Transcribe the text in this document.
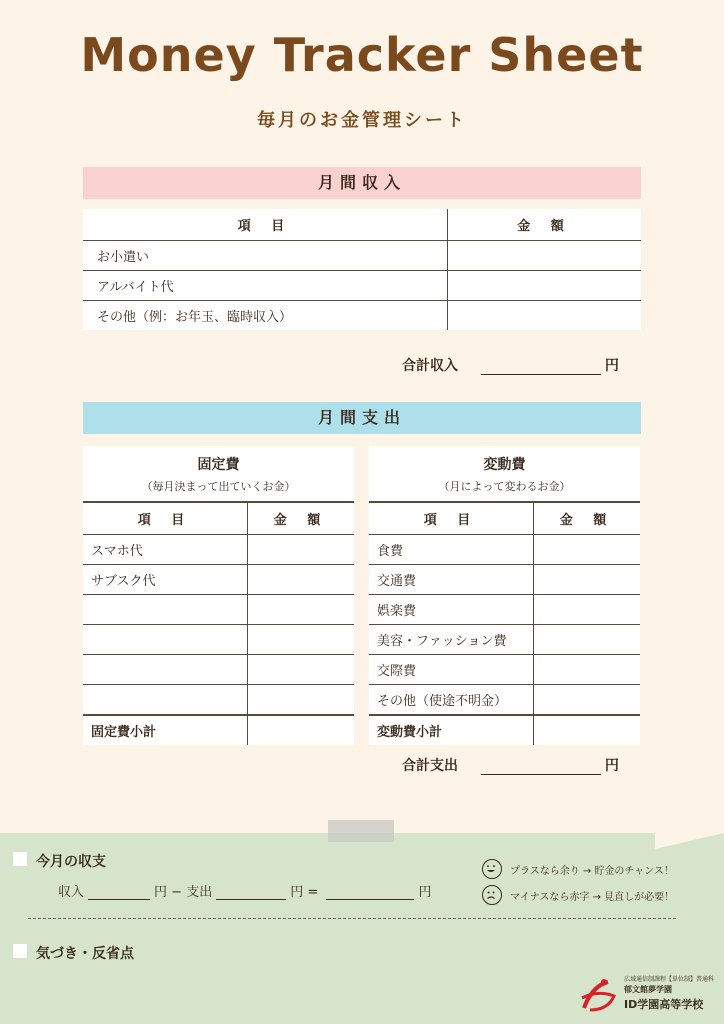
Money Tracker Sheet
毎月のお金管理シート
月間収入
項 目	金 額
お小遣い	
アルバイト代	
その他（例：お年玉、臨時収入）	
合計収入	円
月間支出
固定費
（毎月決まって出ていくお金）	

項 目	金 額
スマホ代	
サブスク代	

固定費小計	
変動費
（月によって変わるお金）	

項 目	金 額
食費	
交通費	
娯楽費	
美容・ファッション費	
交際費	
その他（使途不明金）	
変動費小計	
合計支出	円
今月の収支
収入	円 − 支出	円 =	円
プラスなら余り → 貯金のチャンス！
マイナスなら赤字 → 見直しが必要！
気づき・反省点
広域通信制課程【単位制】普通科
郁文館夢学園
ID学園高等学校
